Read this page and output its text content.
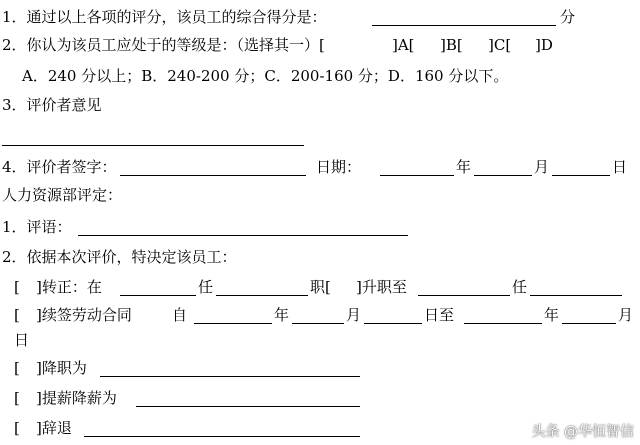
1．通过以上各项的评分，该员工的综合得分是：	分
2．你认为该员工应处于的等级是：（选择其一）[	]A[ ]B[ ]C[ ]D
A．240 分以上；B．240-200 分；C．200-160 分；D．160 分以下。
3．评价者意见
4．评价者签字：	日期：	年	月	日
人力资源部评定：
1．评语：
2．依据本次评价，特决定该员工：
[ ]转正：在	任	职[ ]升职至	任
[ ]续签劳动合同	自	年	月	日至	年	月
日
[ ]降职为
[ ]提薪降薪为
[ ]辞退	头条 @华恒智信
